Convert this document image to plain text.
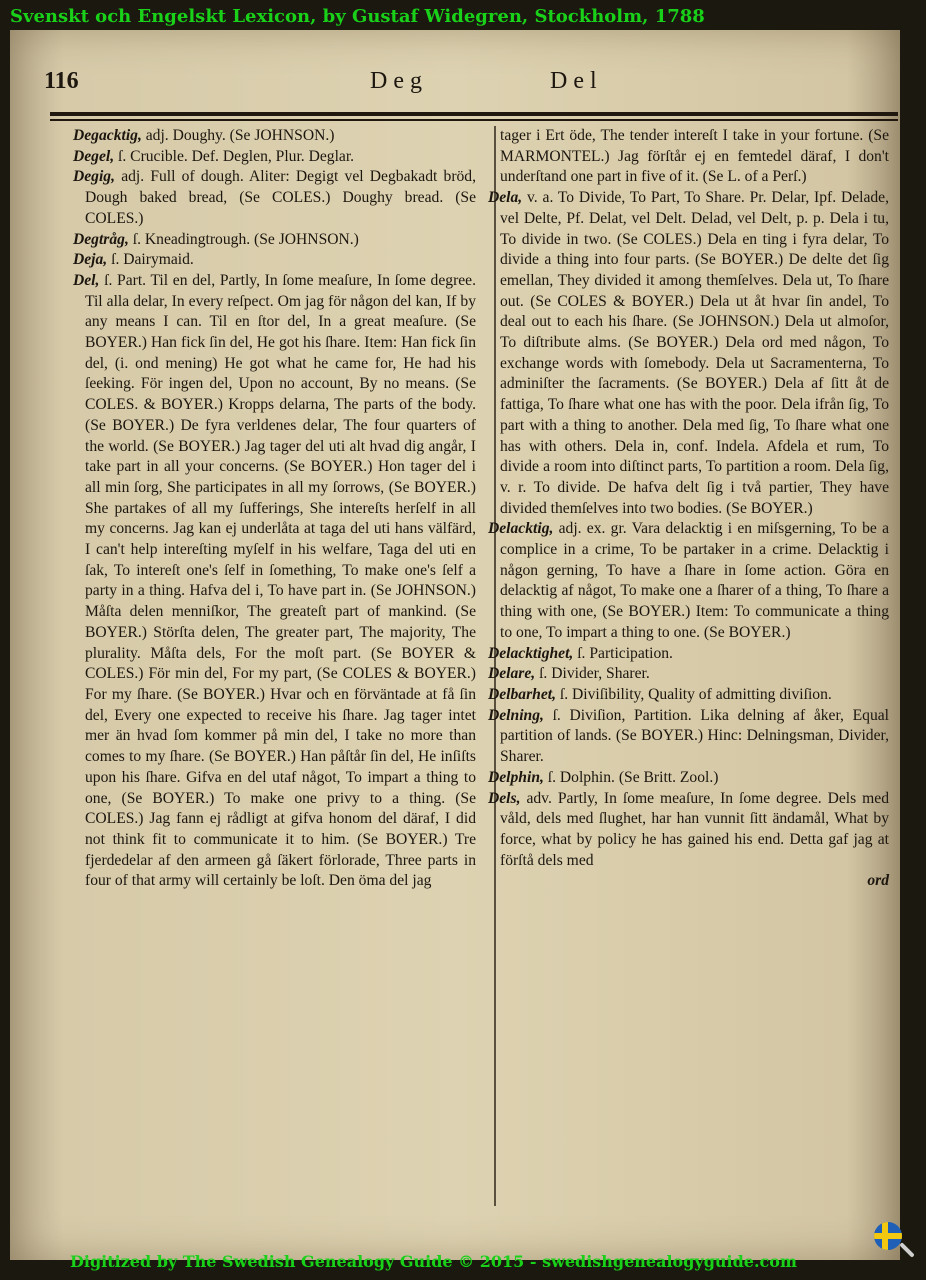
Svenskt och Engelskt Lexicon, by Gustaf Widegren, Stockholm, 1788
116	Deg	Del

Degacktig, adj. Doughy. (Se JOHNSON.)

Degel, ſ. Crucible. Def. Deglen, Plur. Deglar.

Degig, adj. Full of dough. Aliter: Degigt vel Degbakadt bröd, Dough baked bread, (Se COLES.) Doughy bread. (Se COLES.)

Degtråg, ſ. Kneadingtrough. (Se JOHNSON.)

Deja, ſ. Dairymaid.

Del, ſ. Part. Til en del, Partly, In ſome meaſure, In ſome degree. Til alla delar, In every reſpect. Om jag för någon del kan, If by any means I can. Til en ſtor del, In a great meaſure. (Se BOYER.) Han fick ſin del, He got his ſhare. Item: Han fick ſin del, (i. ond mening) He got what he came for, He had his ſeeking. För ingen del, Upon no account, By no means. (Se COLES. & BOYER.) Kropps delarna, The parts of the body. (Se BOYER.) De fyra verldenes delar, The four quarters of the world. (Se BOYER.) Jag tager del uti alt hvad dig angår, I take part in all your concerns. (Se BOYER.) Hon tager del i all min ſorg, She participates in all my ſorrows, (Se BOYER.) She partakes of all my ſufferings, She intereſts herſelf in all my concerns. Jag kan ej underlåta at taga del uti hans välfärd, I can't help intereſting myſelf in his welfare, Taga del uti en ſak, To intereſt one's ſelf in ſomething, To make one's ſelf a party in a thing. Hafva del i, To have part in. (Se JOHNSON.) Måſta delen menniſkor, The greateſt part of mankind. (Se BOYER.) Störſta delen, The greater part, The majority, The plurality. Måſta dels, For the moſt part. (Se BOYER & COLES.) För min del, For my part, (Se COLES & BOYER.) For my ſhare. (Se BOYER.) Hvar och en förväntade at få ſin del, Every one expected to receive his ſhare. Jag tager intet mer än hvad ſom kommer på min del, I take no more than comes to my ſhare. (Se BOYER.) Han påſtår ſin del, He inſiſts upon his ſhare. Gifva en del utaf något, To impart a thing to one, (Se BOYER.) To make one privy to a thing. (Se COLES.) Jag fann ej rådligt at gifva honom del däraf, I did not think fit to communicate it to him. (Se BOYER.) Tre fjerdedelar af den armeen gå ſäkert förlorade, Three parts in four of that army will certainly be loſt. Den öma del jag

tager i Ert öde, The tender intereſt I take in your fortune. (Se MARMONTEL.) Jag förſtår ej en femtedel däraf, I don't underſtand one part in five of it. (Se L. of a Perſ.)

Dela, v. a. To Divide, To Part, To Share. Pr. Delar, Ipf. Delade, vel Delte, Pf. Delat, vel Delt. Delad, vel Delt, p. p. Dela i tu, To divide in two. (Se COLES.) Dela en ting i fyra delar, To divide a thing into four parts. (Se BOYER.) De delte det ſig emellan, They divided it among themſelves. Dela ut, To ſhare out. (Se COLES & BOYER.) Dela ut åt hvar ſin andel, To deal out to each his ſhare. (Se JOHNSON.) Dela ut almoſor, To diſtribute alms. (Se BOYER.) Dela ord med någon, To exchange words with ſomebody. Dela ut Sacramenterna, To adminiſter the ſacraments. (Se BOYER.) Dela af ſitt åt de fattiga, To ſhare what one has with the poor. Dela ifrån ſig, To part with a thing to another. Dela med ſig, To ſhare what one has with others. Dela in, conf. Indela. Afdela et rum, To divide a room into diſtinct parts, To partition a room. Dela ſig, v. r. To divide. De hafva delt ſig i två partier, They have divided themſelves into two bodies. (Se BOYER.)

Delacktig, adj. ex. gr. Vara delacktig i en miſsgerning, To be a complice in a crime, To be partaker in a crime. Delacktig i någon gerning, To have a ſhare in ſome action. Göra en delacktig af något, To make one a ſharer of a thing, To ſhare a thing with one, (Se BOYER.) Item: To communicate a thing to one, To impart a thing to one. (Se BOYER.)

Delacktighet, ſ. Participation.

Delare, ſ. Divider, Sharer.

Delbarhet, ſ. Diviſibility, Quality of admitting diviſion.

Delning, ſ. Diviſion, Partition. Lika delning af åker, Equal partition of lands. (Se BOYER.) Hinc: Delningsman, Divider, Sharer.

Delphin, ſ. Dolphin. (Se Britt. Zool.)

Dels, adv. Partly, In ſome meaſure, In ſome degree. Dels med våld, dels med ſlughet, har han vunnit ſitt ändamål, What by force, what by policy he has gained his end. Detta gaf jag at förſtå dels med

ord

Digitized by The Swedish Genealogy Guide © 2015 - swedishgenealogyguide.com
